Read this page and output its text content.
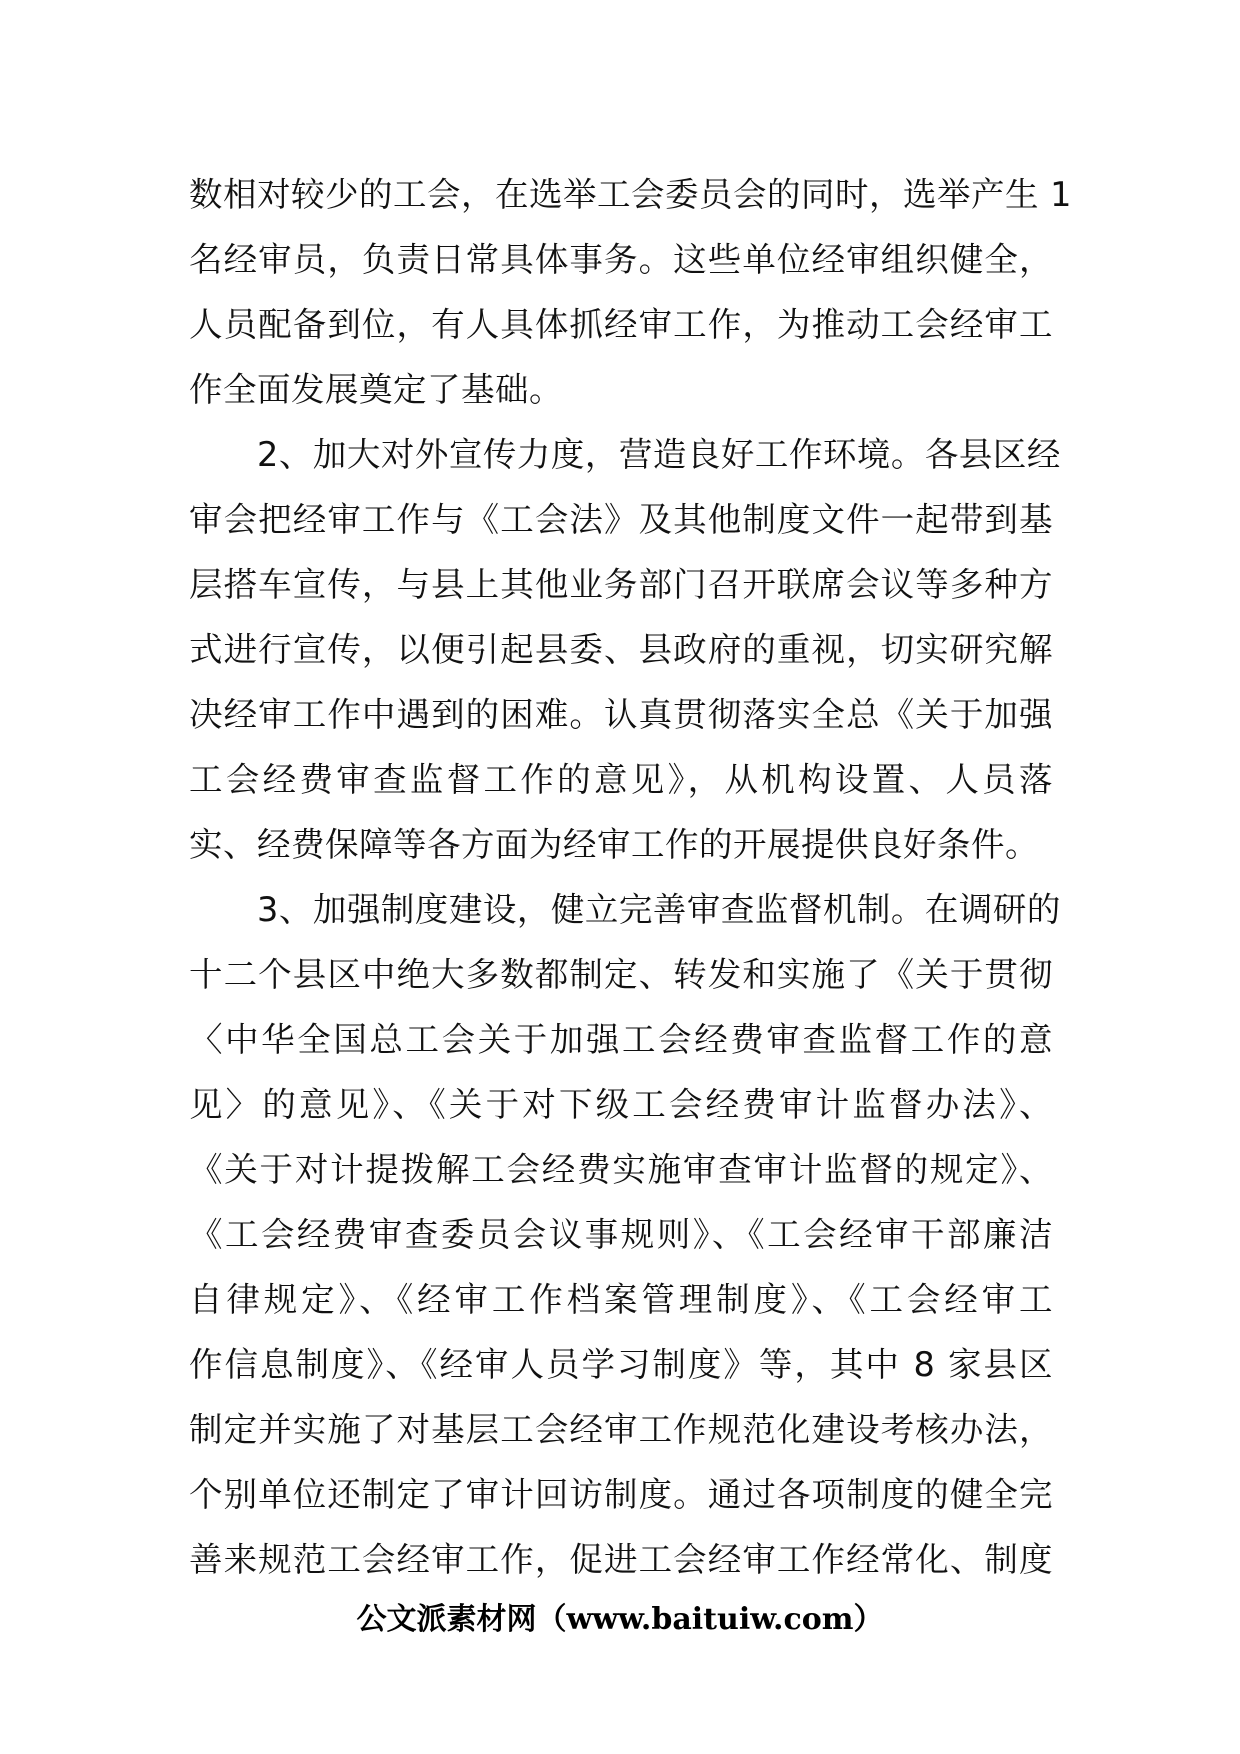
数相对较少的工会，在选举工会委员会的同时，选举产生 1
名经审员，负责日常具体事务。这些单位经审组织健全，
人员配备到位，有人具体抓经审工作，为推动工会经审工
作全面发展奠定了基础。
2、加大对外宣传力度，营造良好工作环境。各县区经
审会把经审工作与《工会法》及其他制度文件一起带到基
层搭车宣传，与县上其他业务部门召开联席会议等多种方
式进行宣传，以便引起县委、县政府的重视，切实研究解
决经审工作中遇到的困难。认真贯彻落实全总《关于加强
工会经费审查监督工作的意见》，从机构设置、人员落
实、经费保障等各方面为经审工作的开展提供良好条件。
3、加强制度建设，健立完善审查监督机制。在调研的
十二个县区中绝大多数都制定、转发和实施了《关于贯彻
〈中华全国总工会关于加强工会经费审查监督工作的意
见〉的意见》、《关于对下级工会经费审计监督办法》、
《关于对计提拨解工会经费实施审查审计监督的规定》、
《工会经费审查委员会议事规则》、《工会经审干部廉洁
自律规定》、《经审工作档案管理制度》、《工会经审工
作信息制度》、《经审人员学习制度》等，其中 8 家县区
制定并实施了对基层工会经审工作规范化建设考核办法，
个别单位还制定了审计回访制度。通过各项制度的健全完
善来规范工会经审工作，促进工会经审工作经常化、制度
公文派素材网（www.baituiw.com）
